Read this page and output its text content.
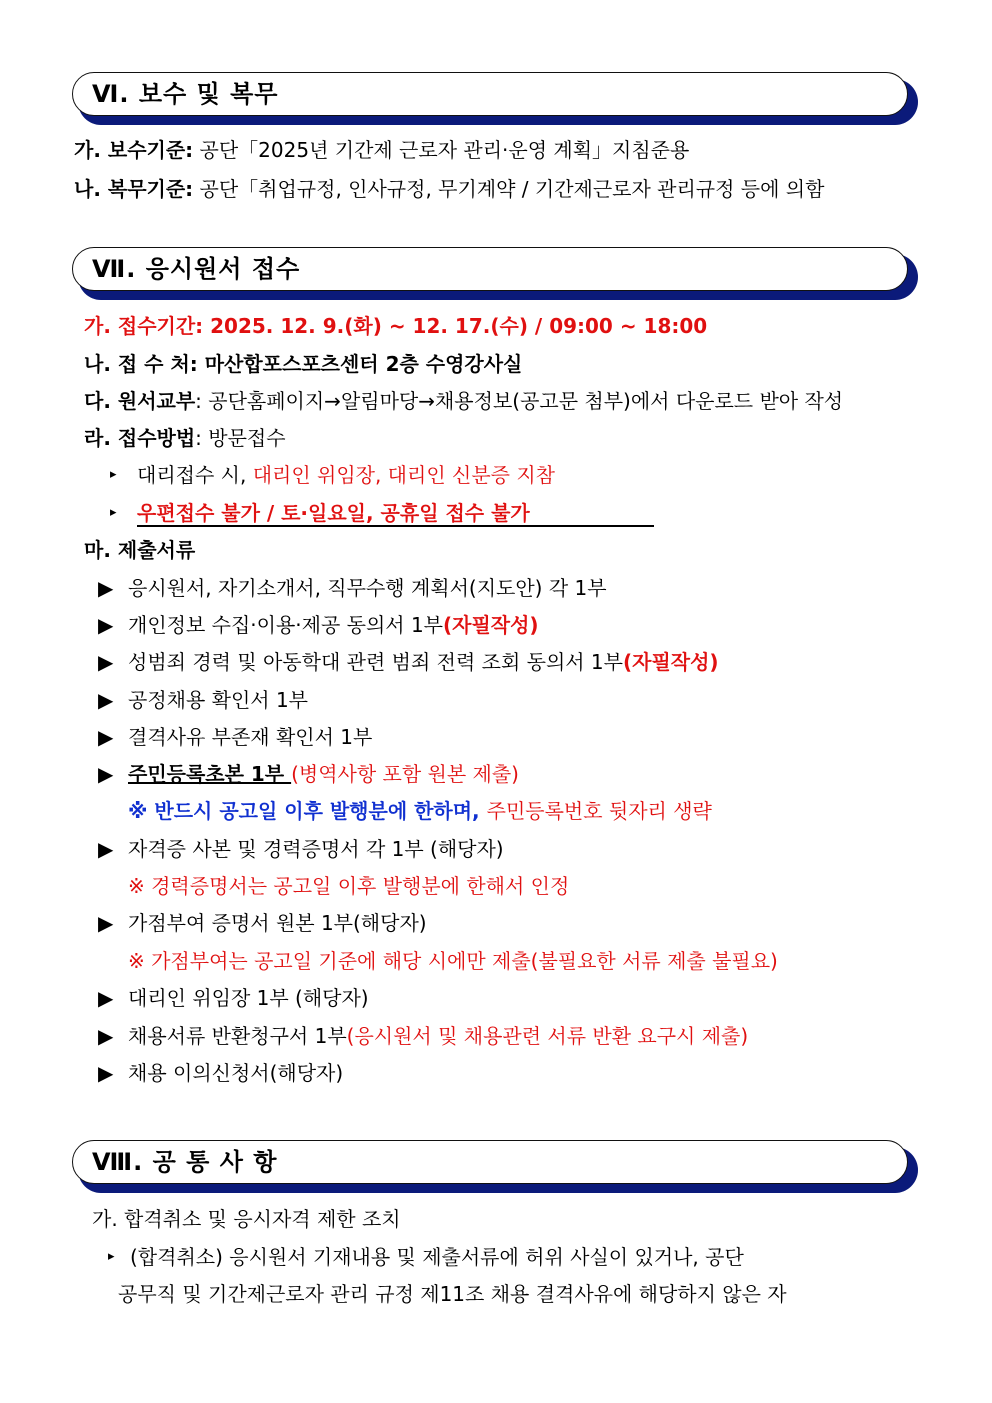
Ⅵ. 보수 및 복무
가. 보수기준: 공단「2025년 기간제 근로자 관리·운영 계획」지침준용
나. 복무기준: 공단「취업규정, 인사규정, 무기계약 / 기간제근로자 관리규정 등에 의함
Ⅶ. 응시원서 접수
가. 접수기간: 2025. 12. 9.(화) ~ 12. 17.(수) / 09:00 ~ 18:00
나. 접 수 처: 마산합포스포츠센터 2층 수영강사실
다. 원서교부: 공단홈페이지→알림마당→채용정보(공고문 첨부)에서 다운로드 받아 작성
라. 접수방법: 방문접수
▸ 대리접수 시, 대리인 위임장, 대리인 신분증 지참
▸ 우편접수 불가 / 토·일요일, 공휴일 접수 불가
마. 제출서류
▶ 응시원서, 자기소개서, 직무수행 계획서(지도안) 각 1부
▶ 개인정보 수집·이용·제공 동의서 1부(자필작성)
▶ 성범죄 경력 및 아동학대 관련 범죄 전력 조회 동의서 1부(자필작성)
▶ 공정채용 확인서 1부
▶ 결격사유 부존재 확인서 1부
▶ 주민등록초본 1부 (병역사항 포함 원본 제출)
※ 반드시 공고일 이후 발행분에 한하며, 주민등록번호 뒷자리 생략
▶ 자격증 사본 및 경력증명서 각 1부 (해당자)
※ 경력증명서는 공고일 이후 발행분에 한해서 인정
▶ 가점부여 증명서 원본 1부(해당자)
※ 가점부여는 공고일 기준에 해당 시에만 제출(불필요한 서류 제출 불필요)
▶ 대리인 위임장 1부 (해당자)
▶ 채용서류 반환청구서 1부(응시원서 및 채용관련 서류 반환 요구시 제출)
▶ 채용 이의신청서(해당자)
Ⅷ. 공 통 사 항
가. 합격취소 및 응시자격 제한 조치
▸ (합격취소) 응시원서 기재내용 및 제출서류에 허위 사실이 있거나, 공단
공무직 및 기간제근로자 관리 규정 제11조 채용 결격사유에 해당하지 않은 자
